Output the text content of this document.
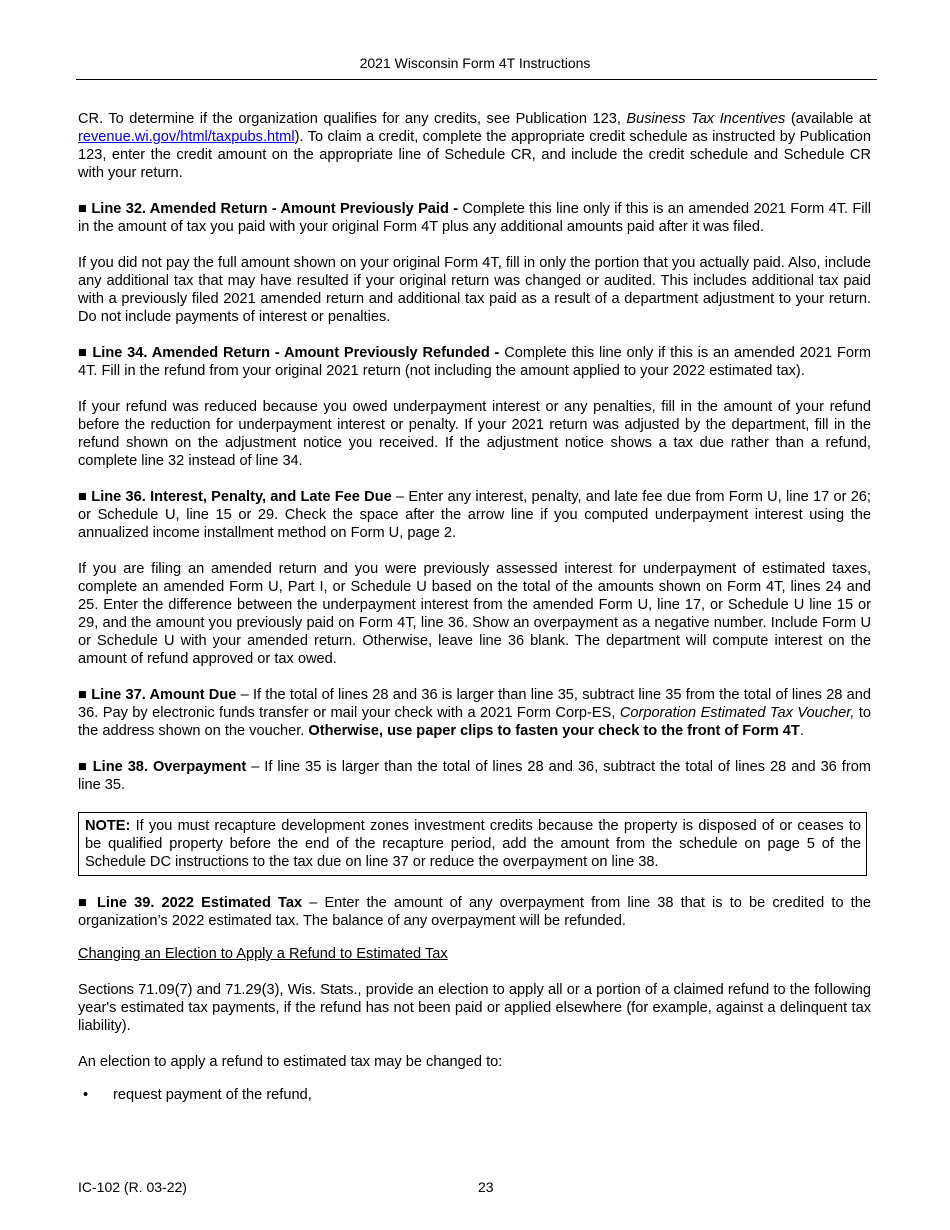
2021 Wisconsin Form 4T Instructions

CR. To determine if the organization qualifies for any credits, see Publication 123, Business Tax Incentives (available at revenue.wi.gov/html/taxpubs.html). To claim a credit, complete the appropriate credit schedule as instructed by Publication 123, enter the credit amount on the appropriate line of Schedule CR, and include the credit schedule and Schedule CR with your return.

■ Line 32. Amended Return - Amount Previously Paid - Complete this line only if this is an amended 2021 Form 4T. Fill in the amount of tax you paid with your original Form 4T plus any additional amounts paid after it was filed.

If you did not pay the full amount shown on your original Form 4T, fill in only the portion that you actually paid. Also, include any additional tax that may have resulted if your original return was changed or audited. This includes additional tax paid with a previously filed 2021 amended return and additional tax paid as a result of a department adjustment to your return. Do not include payments of interest or penalties.

■ Line 34. Amended Return - Amount Previously Refunded - Complete this line only if this is an amended 2021 Form 4T. Fill in the refund from your original 2021 return (not including the amount applied to your 2022 estimated tax).

If your refund was reduced because you owed underpayment interest or any penalties, fill in the amount of your refund before the reduction for underpayment interest or penalty. If your 2021 return was adjusted by the department, fill in the refund shown on the adjustment notice you received. If the adjustment notice shows a tax due rather than a refund, complete line 32 instead of line 34.

■ Line 36. Interest, Penalty, and Late Fee Due – Enter any interest, penalty, and late fee due from Form U, line 17 or 26; or Schedule U, line 15 or 29. Check the space after the arrow line if you computed underpayment interest using the annualized income installment method on Form U, page 2.

If you are filing an amended return and you were previously assessed interest for underpayment of estimated taxes, complete an amended Form U, Part I, or Schedule U based on the total of the amounts shown on Form 4T, lines 24 and 25. Enter the difference between the underpayment interest from the amended Form U, line 17, or Schedule U line 15 or 29, and the amount you previously paid on Form 4T, line 36. Show an overpayment as a negative number. Include Form U or Schedule U with your amended return. Otherwise, leave line 36 blank. The department will compute interest on the amount of refund approved or tax owed.

■ Line 37. Amount Due – If the total of lines 28 and 36 is larger than line 35, subtract line 35 from the total of lines 28 and 36. Pay by electronic funds transfer or mail your check with a 2021 Form Corp-ES, Corporation Estimated Tax Voucher, to the address shown on the voucher. Otherwise, use paper clips to fasten your check to the front of Form 4T.

■ Line 38. Overpayment – If line 35 is larger than the total of lines 28 and 36, subtract the total of lines 28 and 36 from line 35.

NOTE: If you must recapture development zones investment credits because the property is disposed of or ceases to be qualified property before the end of the recapture period, add the amount from the schedule on page 5 of the Schedule DC instructions to the tax due on line 37 or reduce the overpayment on line 38.

■ Line 39. 2022 Estimated Tax – Enter the amount of any overpayment from line 38 that is to be credited to the organization’s 2022 estimated tax. The balance of any overpayment will be refunded.

Changing an Election to Apply a Refund to Estimated Tax

Sections 71.09(7) and 71.29(3), Wis. Stats., provide an election to apply all or a portion of a claimed refund to the following year's estimated tax payments, if the refund has not been paid or applied elsewhere (for example, against a delinquent tax liability).

An election to apply a refund to estimated tax may be changed to:

•	request payment of the refund,
IC-102 (R. 03-22)	23
